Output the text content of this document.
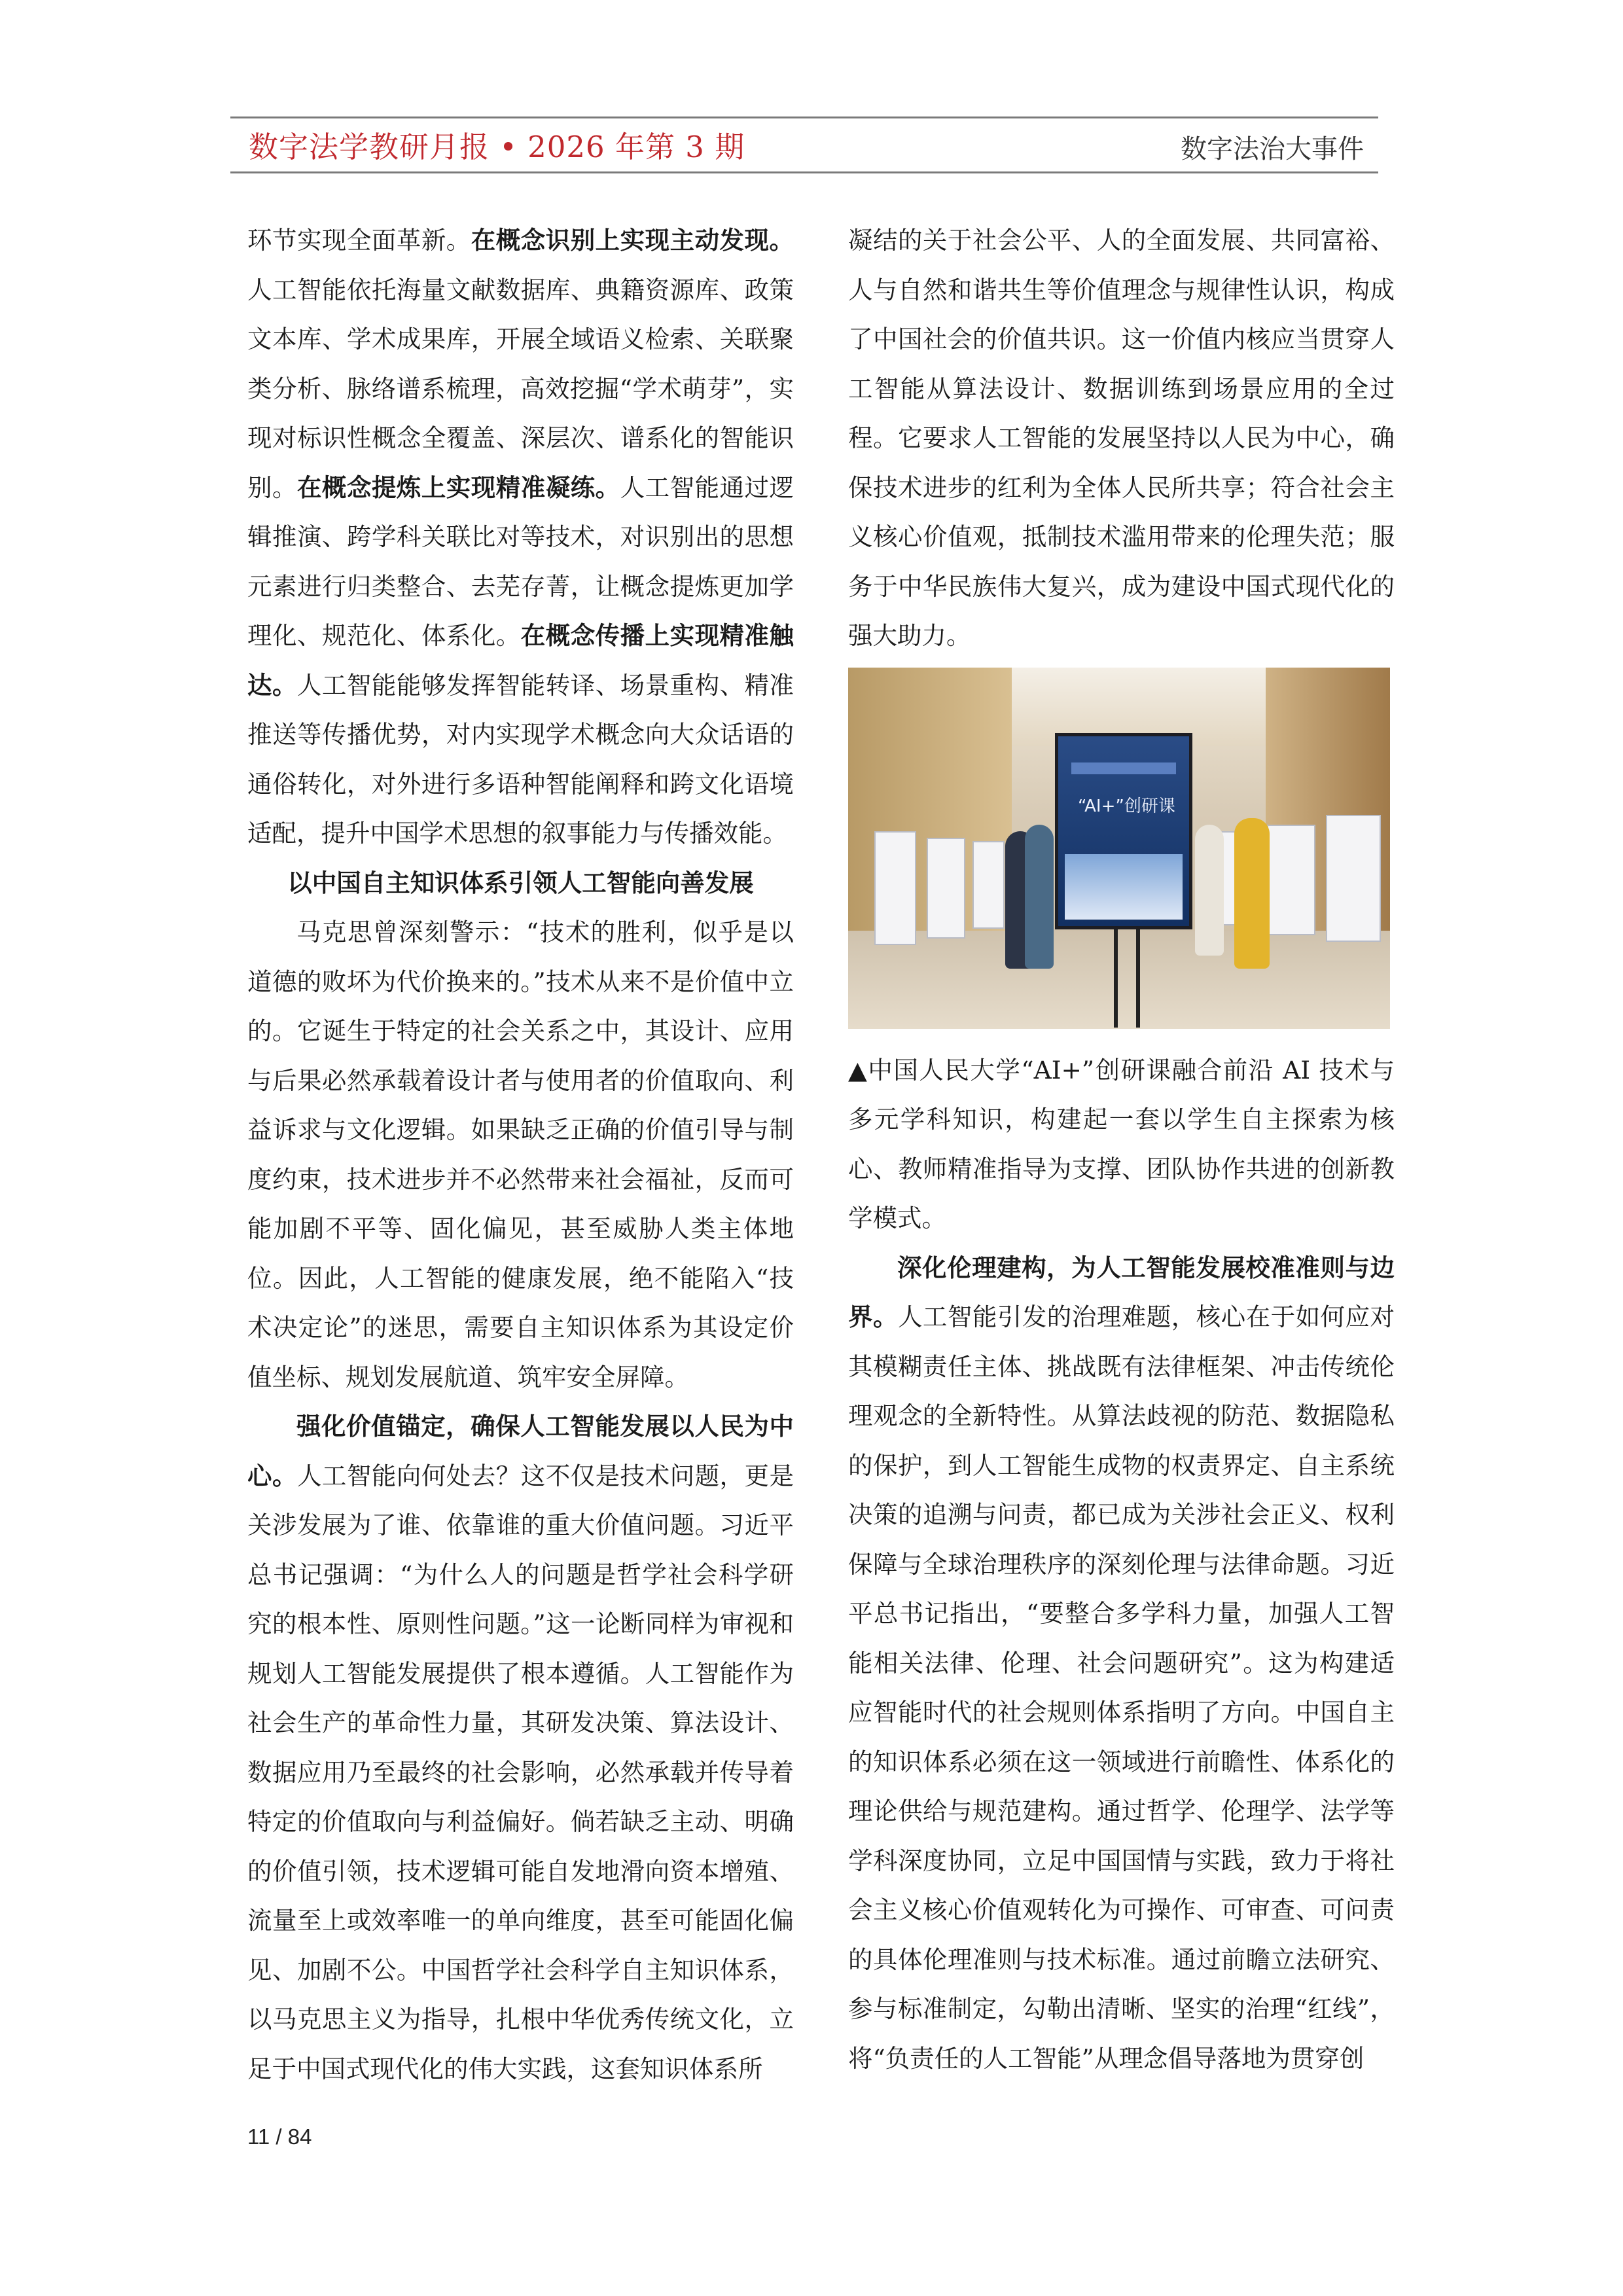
数字法学教研月报 • 2026 年第 3 期	数字法治大事件

环节实现全面革新。在概念识别上实现主动发现。人工智能依托海量文献数据库、典籍资源库、政策文本库、学术成果库，开展全域语义检索、关联聚类分析、脉络谱系梳理，高效挖掘“学术萌芽”，实现对标识性概念全覆盖、深层次、谱系化的智能识别。在概念提炼上实现精准凝练。人工智能通过逻辑推演、跨学科关联比对等技术，对识别出的思想元素进行归类整合、去芜存菁，让概念提炼更加学理化、规范化、体系化。在概念传播上实现精准触达。人工智能能够发挥智能转译、场景重构、精准推送等传播优势，对内实现学术概念向大众话语的通俗转化，对外进行多语种智能阐释和跨文化语境适配，提升中国学术思想的叙事能力与传播效能。

以中国自主知识体系引领人工智能向善发展

马克思曾深刻警示：“技术的胜利，似乎是以道德的败坏为代价换来的。”技术从来不是价值中立的。它诞生于特定的社会关系之中，其设计、应用与后果必然承载着设计者与使用者的价值取向、利益诉求与文化逻辑。如果缺乏正确的价值引导与制度约束，技术进步并不必然带来社会福祉，反而可能加剧不平等、固化偏见，甚至威胁人类主体地位。因此，人工智能的健康发展，绝不能陷入“技术决定论”的迷思，需要自主知识体系为其设定价值坐标、规划发展航道、筑牢安全屏障。

强化价值锚定，确保人工智能发展以人民为中心。人工智能向何处去？这不仅是技术问题，更是关涉发展为了谁、依靠谁的重大价值问题。习近平总书记强调：“为什么人的问题是哲学社会科学研究的根本性、原则性问题。”这一论断同样为审视和规划人工智能发展提供了根本遵循。人工智能作为社会生产的革命性力量，其研发决策、算法设计、数据应用乃至最终的社会影响，必然承载并传导着特定的价值取向与利益偏好。倘若缺乏主动、明确的价值引领，技术逻辑可能自发地滑向资本增殖、流量至上或效率唯一的单向维度，甚至可能固化偏见、加剧不公。中国哲学社会科学自主知识体系，以马克思主义为指导，扎根中华优秀传统文化，立足于中国式现代化的伟大实践，这套知识体系所

凝结的关于社会公平、人的全面发展、共同富裕、人与自然和谐共生等价值理念与规律性认识，构成了中国社会的价值共识。这一价值内核应当贯穿人工智能从算法设计、数据训练到场景应用的全过程。它要求人工智能的发展坚持以人民为中心，确保技术进步的红利为全体人民所共享；符合社会主义核心价值观，抵制技术滥用带来的伦理失范；服务于中华民族伟大复兴，成为建设中国式现代化的强大助力。

“AI+”创研课

▲中国人民大学“AI+”创研课融合前沿 AI 技术与多元学科知识，构建起一套以学生自主探索为核心、教师精准指导为支撑、团队协作共进的创新教学模式。

深化伦理建构，为人工智能发展校准准则与边界。人工智能引发的治理难题，核心在于如何应对其模糊责任主体、挑战既有法律框架、冲击传统伦理观念的全新特性。从算法歧视的防范、数据隐私的保护，到人工智能生成物的权责界定、自主系统决策的追溯与问责，都已成为关涉社会正义、权利保障与全球治理秩序的深刻伦理与法律命题。习近平总书记指出，“要整合多学科力量，加强人工智能相关法律、伦理、社会问题研究”。这为构建适应智能时代的社会规则体系指明了方向。中国自主的知识体系必须在这一领域进行前瞻性、体系化的理论供给与规范建构。通过哲学、伦理学、法学等学科深度协同，立足中国国情与实践，致力于将社会主义核心价值观转化为可操作、可审查、可问责的具体伦理准则与技术标准。通过前瞻立法研究、参与标准制定，勾勒出清晰、坚实的治理“红线”，将“负责任的人工智能”从理念倡导落地为贯穿创

11 / 84
